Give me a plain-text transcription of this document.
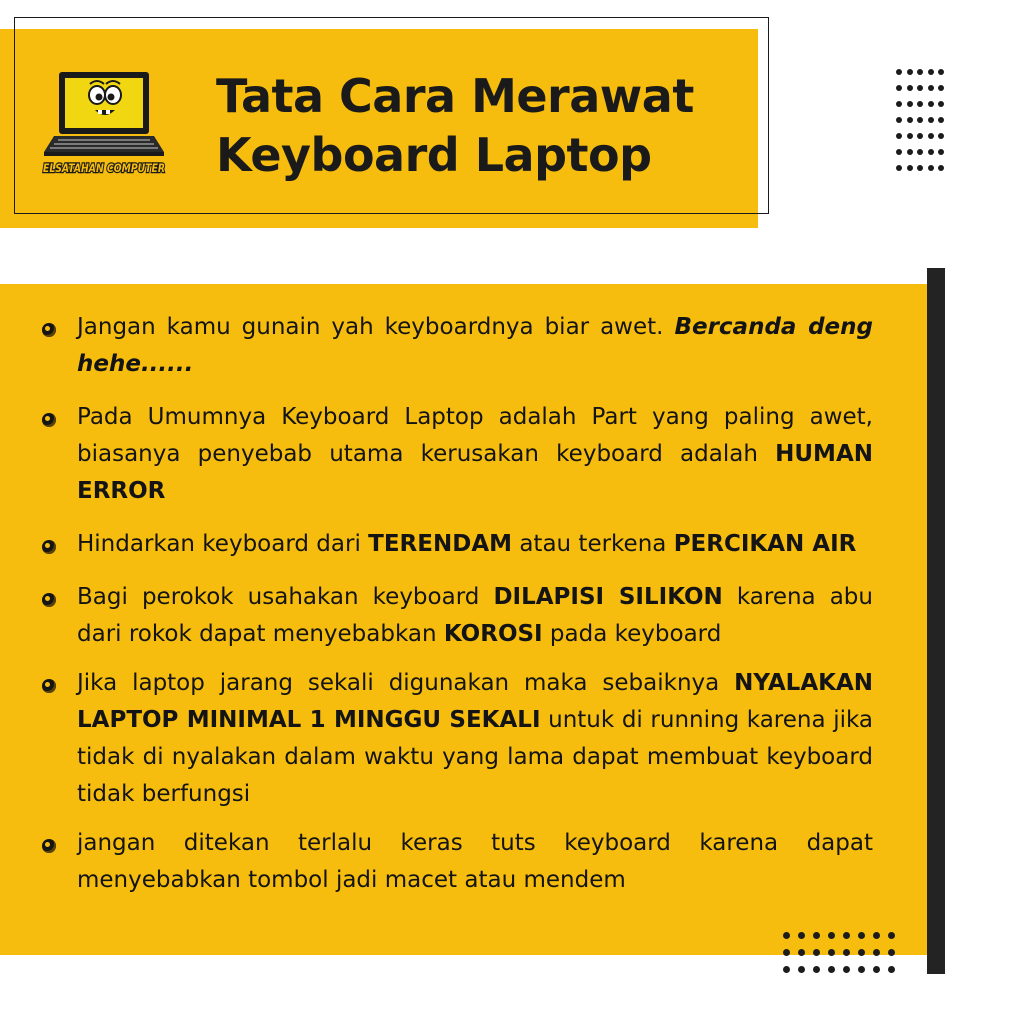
ELSATAHAN COMPUTER
Tata Cara Merawat
Keyboard Laptop
Jangan kamu gunain yah keyboardnya biar awet. Bercanda deng hehe......
Pada Umumnya Keyboard Laptop adalah Part yang paling awet, biasanya penyebab utama kerusakan keyboard adalah HUMAN ERROR
Hindarkan keyboard dari TERENDAM atau terkena PERCIKAN AIR
Bagi perokok usahakan keyboard DILAPISI SILIKON karena abu dari rokok dapat menyebabkan KOROSI pada keyboard
Jika laptop jarang sekali digunakan maka sebaiknya NYALAKAN LAPTOP MINIMAL 1 MINGGU SEKALI untuk di running karena jika tidak di nyalakan dalam waktu yang lama dapat membuat keyboard tidak berfungsi
jangan ditekan terlalu keras tuts keyboard karena dapat menyebabkan tombol jadi macet atau mendem
